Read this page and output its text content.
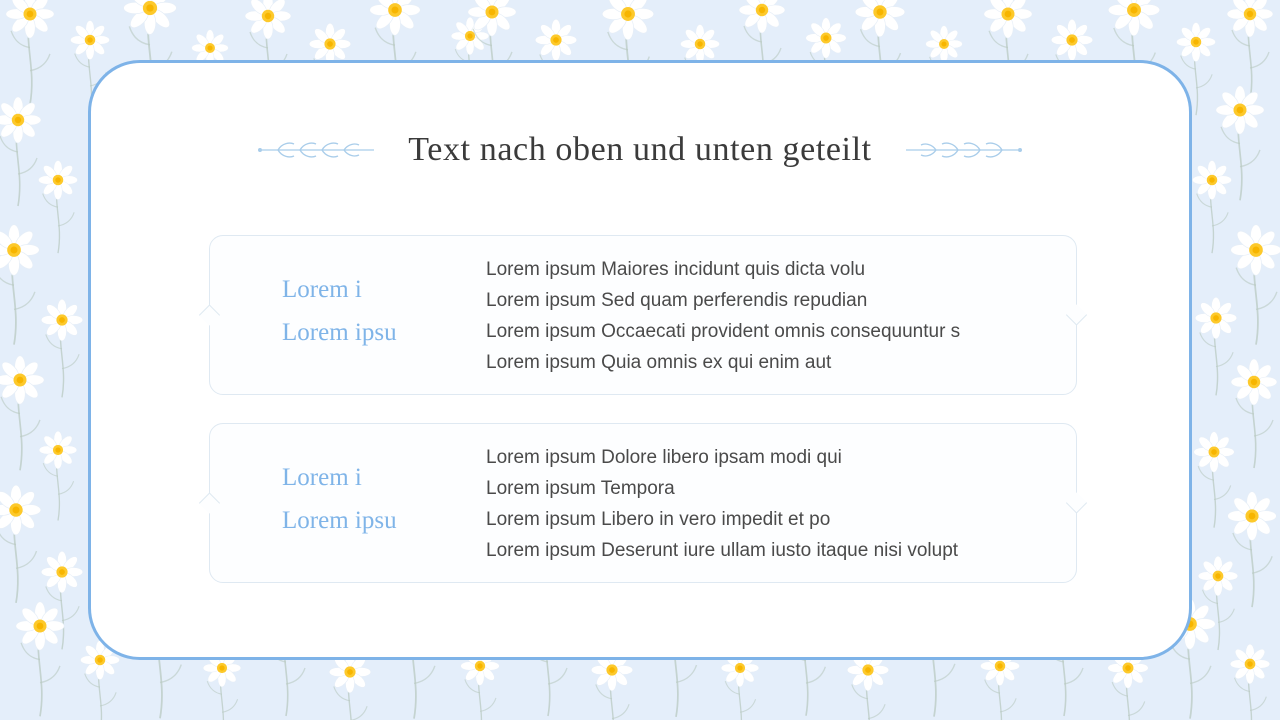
Text nach oben und unten geteilt
Lorem i
Lorem ipsu
Lorem ipsum Maiores incidunt quis dicta volu
Lorem ipsum Sed quam perferendis repudian
Lorem ipsum Occaecati provident omnis consequuntur s
Lorem ipsum Quia omnis ex qui enim aut
Lorem i
Lorem ipsu
Lorem ipsum Dolore libero ipsam modi qui
Lorem ipsum Tempora
Lorem ipsum Libero in vero impedit et po
Lorem ipsum Deserunt iure ullam iusto itaque nisi volupt
